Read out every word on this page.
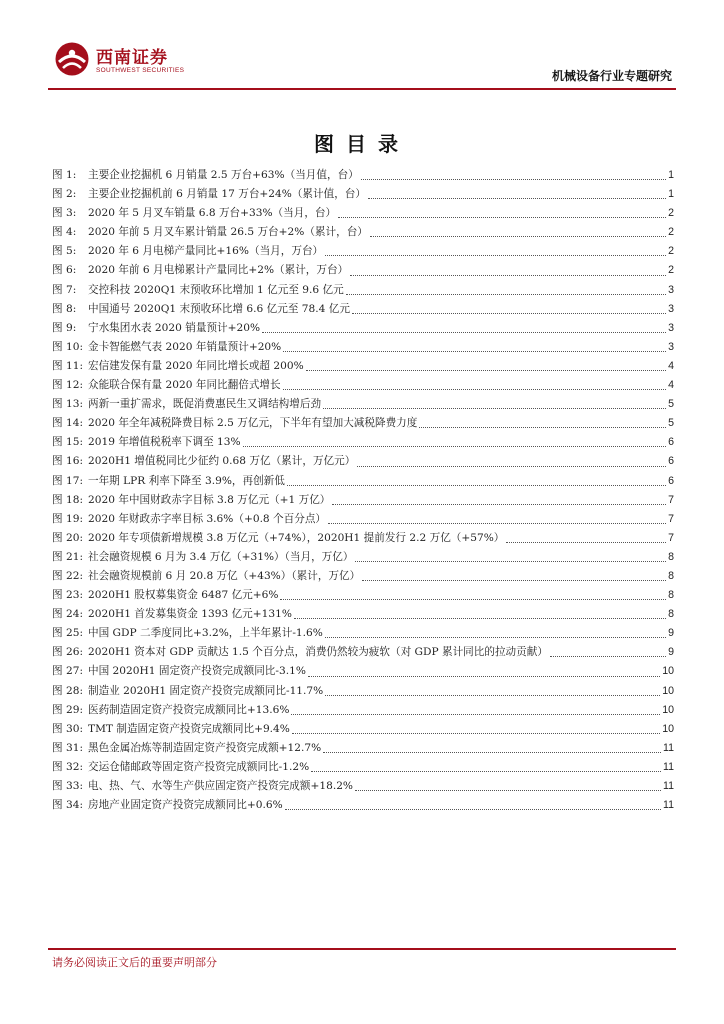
西南证券
SOUTHWEST SECURITIES	机械设备行业专题研究
图目录
图 1:	主要企业挖掘机 6 月销量 2.5 万台+63%（当月值，台）	1
图 2:	主要企业挖掘机前 6 月销量 17 万台+24%（累计值，台）	1
图 3:	2020 年 5 月叉车销量 6.8 万台+33%（当月，台）	2
图 4:	2020 年前 5 月叉车累计销量 26.5 万台+2%（累计，台）	2
图 5:	2020 年 6 月电梯产量同比+16%（当月，万台）	2
图 6:	2020 年前 6 月电梯累计产量同比+2%（累计，万台）	2
图 7:	交控科技 2020Q1 末预收环比增加 1 亿元至 9.6 亿元	3
图 8:	中国通号 2020Q1 末预收环比增 6.6 亿元至 78.4 亿元	3
图 9:	宁水集团水表 2020 销量预计+20%	3
图 10: 金卡智能燃气表 2020 年销量预计+20%	3
图 11: 宏信建发保有量 2020 年同比增长或超 200%	4
图 12: 众能联合保有量 2020 年同比翻倍式增长	4
图 13: 两新一重扩需求，既促消费惠民生又调结构增后劲	5
图 14: 2020 年全年减税降费目标 2.5 万亿元，下半年有望加大减税降费力度	5
图 15: 2019 年增值税税率下调至 13%	6
图 16: 2020H1 增值税同比少征约 0.68 万亿（累计，万亿元）	6
图 17: 一年期 LPR 利率下降至 3.9%，再创新低	6
图 18: 2020 年中国财政赤字目标 3.8 万亿元（+1 万亿）	7
图 19: 2020 年财政赤字率目标 3.6%（+0.8 个百分点）	7
图 20: 2020 年专项债新增规模 3.8 万亿元（+74%），2020H1 提前发行 2.2 万亿（+57%）	7
图 21: 社会融资规模 6 月为 3.4 万亿（+31%）（当月，万亿）	8
图 22: 社会融资规模前 6 月 20.8 万亿（+43%）（累计，万亿）	8
图 23: 2020H1 股权募集资金 6487 亿元+6%	8
图 24: 2020H1 首发募集资金 1393 亿元+131%	8
图 25: 中国 GDP 二季度同比+3.2%，上半年累计-1.6%	9
图 26: 2020H1 资本对 GDP 贡献达 1.5 个百分点，消费仍然较为疲软（对 GDP 累计同比的拉动贡献）	9
图 27: 中国 2020H1 固定资产投资完成额同比-3.1%	10
图 28: 制造业 2020H1 固定资产投资完成额同比-11.7%	10
图 29: 医药制造固定资产投资完成额同比+13.6%	10
图 30: TMT 制造固定资产投资完成额同比+9.4%	10
图 31: 黑色金属冶炼等制造固定资产投资完成额+12.7%	11
图 32: 交运仓储邮政等固定资产投资完成额同比-1.2%	11
图 33: 电、热、气、水等生产供应固定资产投资完成额+18.2%	11
图 34: 房地产业固定资产投资完成额同比+0.6%	11
请务必阅读正文后的重要声明部分
